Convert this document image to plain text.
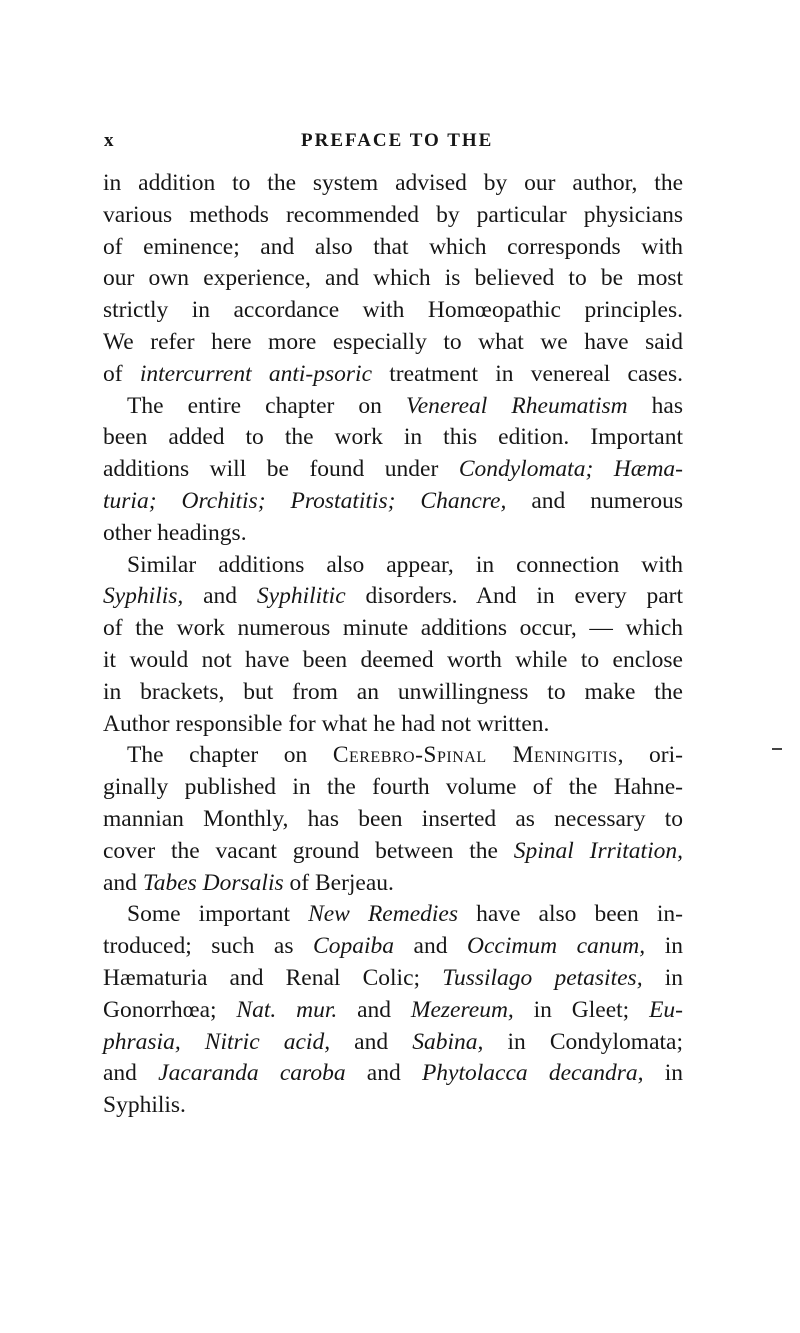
x	PREFACE TO THE
in addition to the system advised by our author, the
various methods recommended by particular physicians
of eminence; and also that which corresponds with
our own experience, and which is believed to be most
strictly in accordance with Homœopathic principles.
We refer here more especially to what we have said
of intercurrent anti-psoric treatment in venereal cases.
The entire chapter on Venereal Rheumatism has
been added to the work in this edition. Important
additions will be found under Condylomata; Hæma-
turia; Orchitis; Prostatitis; Chancre, and numerous
other headings.
Similar additions also appear, in connection with
Syphilis, and Syphilitic disorders. And in every part
of the work numerous minute additions occur, — which
it would not have been deemed worth while to enclose
in brackets, but from an unwillingness to make the
Author responsible for what he had not written.
The chapter on Cerebro-Spinal Meningitis, ori-
ginally published in the fourth volume of the Hahne-
mannian Monthly, has been inserted as necessary to
cover the vacant ground between the Spinal Irritation,
and Tabes Dorsalis of Berjeau.
Some important New Remedies have also been in-
troduced; such as Copaiba and Occimum canum, in
Hæmaturia and Renal Colic; Tussilago petasites, in
Gonorrhœa; Nat. mur. and Mezereum, in Gleet; Eu-
phrasia, Nitric acid, and Sabina, in Condylomata;
and Jacaranda caroba and Phytolacca decandra, in
Syphilis.
